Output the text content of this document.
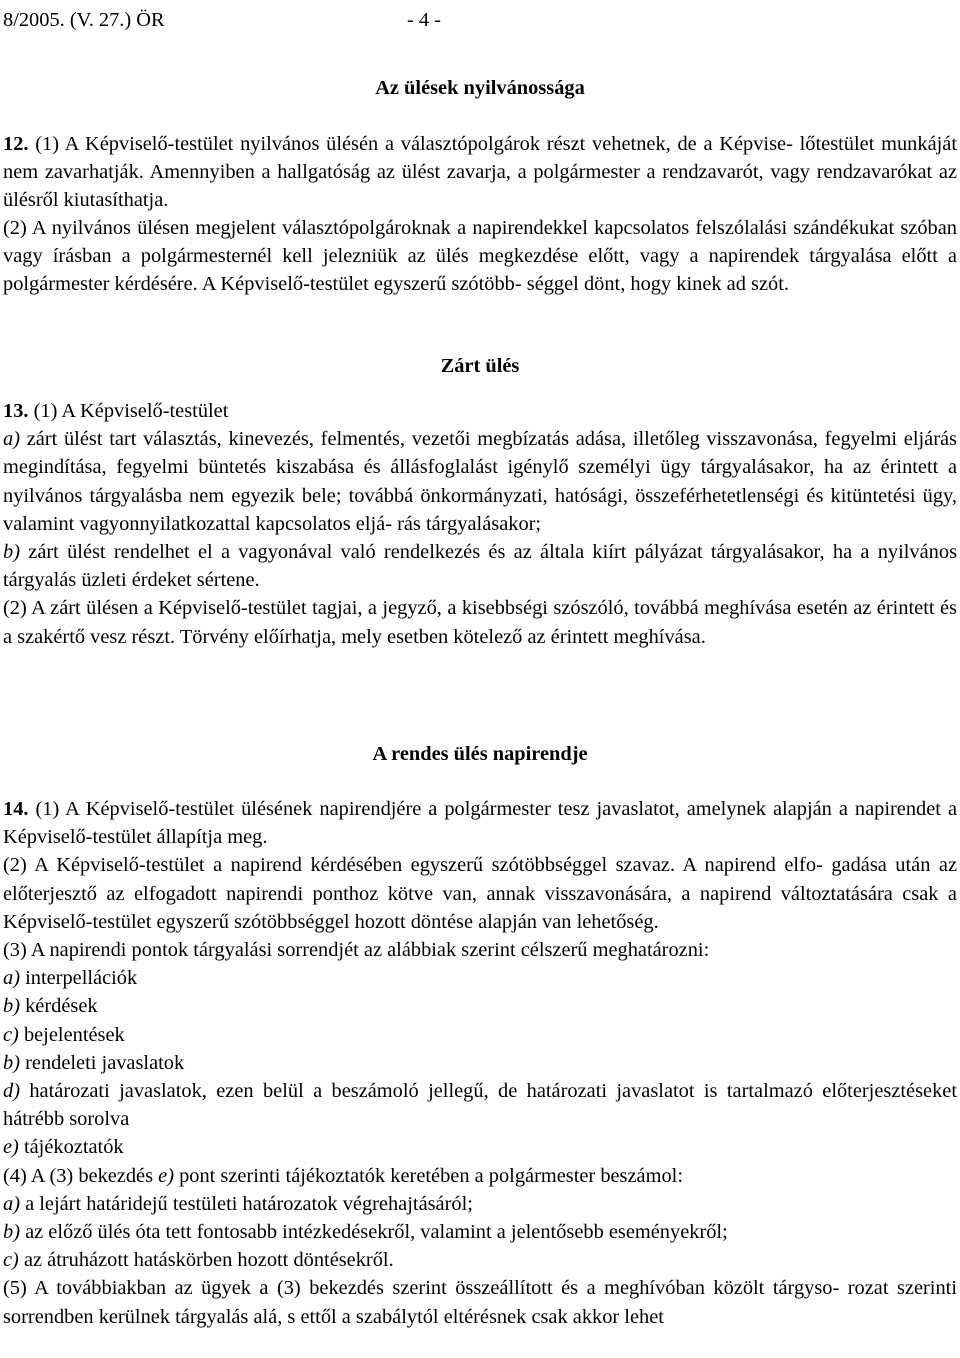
8/2005. (V. 27.) ÖR	- 4 -
Az ülések nyilvánossága

12. (1) A Képviselő-testület nyilvános ülésén a választópolgárok részt vehetnek, de a Képvise- lőtestület munkáját nem zavarhatják. Amennyiben a hallgatóság az ülést zavarja, a polgármester a rendzavarót, vagy rendzavarókat az ülésről kiutasíthatja.

(2) A nyilvános ülésen megjelent választópolgároknak a napirendekkel kapcsolatos felszólalási szándékukat szóban vagy írásban a polgármesternél kell jelezniük az ülés megkezdése előtt, vagy a napirendek tárgyalása előtt a polgármester kérdésére. A Képviselő-testület egyszerű szótöbb- séggel dönt, hogy kinek ad szót.

Zárt ülés

13. (1) A Képviselő-testület

a) zárt ülést tart választás, kinevezés, felmentés, vezetői megbízatás adása, illetőleg visszavonása, fegyelmi eljárás megindítása, fegyelmi büntetés kiszabása és állásfoglalást igénylő személyi ügy tárgyalásakor, ha az érintett a nyilvános tárgyalásba nem egyezik bele; továbbá önkormányzati, hatósági, összeférhetetlenségi és kitüntetési ügy, valamint vagyonnyilatkozattal kapcsolatos eljá- rás tárgyalásakor;

b) zárt ülést rendelhet el a vagyonával való rendelkezés és az általa kiírt pályázat tárgyalásakor, ha a nyilvános tárgyalás üzleti érdeket sértene.

(2) A zárt ülésen a Képviselő-testület tagjai, a jegyző, a kisebbségi szószóló, továbbá meghívása esetén az érintett és a szakértő vesz részt. Törvény előírhatja, mely esetben kötelező az érintett meghívása.

A rendes ülés napirendje

14. (1) A Képviselő-testület ülésének napirendjére a polgármester tesz javaslatot, amelynek alapján a napirendet a Képviselő-testület állapítja meg.

(2) A Képviselő-testület a napirend kérdésében egyszerű szótöbbséggel szavaz. A napirend elfo- gadása után az előterjesztő az elfogadott napirendi ponthoz kötve van, annak visszavonására, a napirend változtatására csak a Képviselő-testület egyszerű szótöbbséggel hozott döntése alapján van lehetőség.

(3) A napirendi pontok tárgyalási sorrendjét az alábbiak szerint célszerű meghatározni:

a) interpellációk

b) kérdések

c) bejelentések

b) rendeleti javaslatok

d) határozati javaslatok, ezen belül a beszámoló jellegű, de határozati javaslatot is tartalmazó előterjesztéseket hátrébb sorolva

e) tájékoztatók

(4) A (3) bekezdés e) pont szerinti tájékoztatók keretében a polgármester beszámol:

a) a lejárt határidejű testületi határozatok végrehajtásáról;

b) az előző ülés óta tett fontosabb intézkedésekről, valamint a jelentősebb eseményekről;

c) az átruházott hatáskörben hozott döntésekről.

(5) A továbbiakban az ügyek a (3) bekezdés szerint összeállított és a meghívóban közölt tárgyso- rozat szerinti sorrendben kerülnek tárgyalás alá, s ettől a szabálytól eltérésnek csak akkor lehet
